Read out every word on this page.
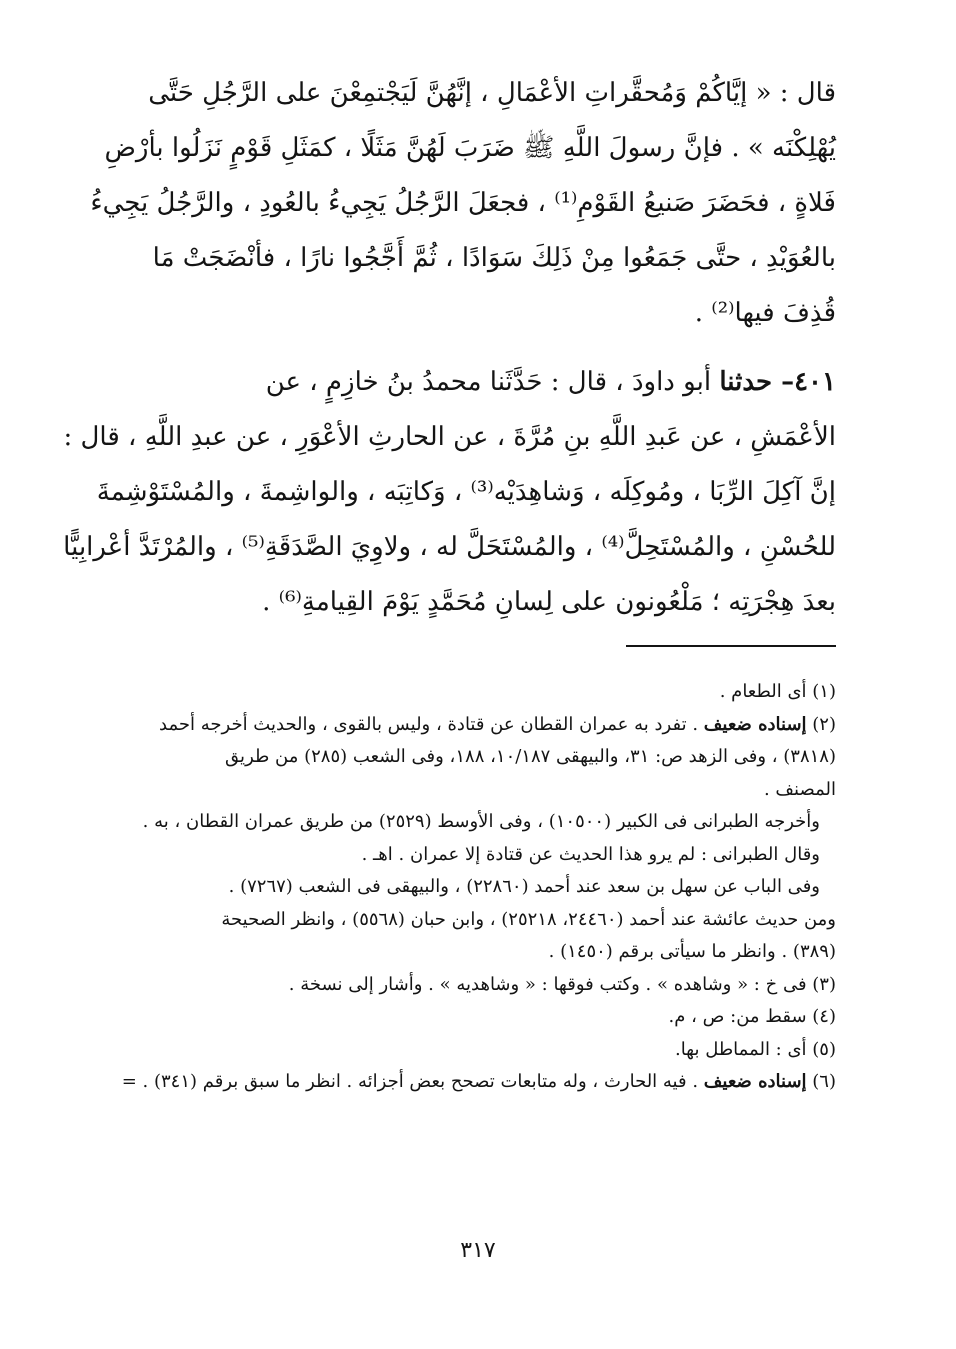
قال : « إيَّاكُمْ وَمُحقَّراتِ الأعْمَالِ ، إنَّهُنَّ لَيَجْتمِعْنَ على الرَّجُلِ حَتَّى
يُهْلِكْنَه » . فإنَّ رسولَ اللَّهِ ﷺ ضَرَبَ لَهُنَّ مَثَلًا ، كمَثَلِ قَوْمٍ نَزَلُوا بأرْضِ
فَلاةٍ ، فحَضَرَ صَنيعُ القَوْمِ⁽¹⁾ ، فجعَلَ الرَّجُلُ يَجِيءُ بالعُودِ ، والرَّجُلُ يَجِيءُ
بالعُوَيْدِ ، حتَّى جَمَعُوا مِنْ ذَلِكَ سَوَادًا ، ثُمَّ أَجَّجُوا نارًا ، فأنْضَجَتْ مَا
قُذِفَ فيها⁽²⁾ .
٤٠١– حدثنا أبو داودَ ، قال : حَدَّثَنا محمدُ بنُ خازِمٍ ، عن
الأعْمَشِ ، عن عَبدِ اللَّهِ بنِ مُرَّةَ ، عن الحارثِ الأعْوَرِ ، عن عبدِ اللَّهِ ، قال :
إنَّ آكِلَ الرِّبَا ، ومُوكِلَه ، وَشاهِدَيْه⁽³⁾ ، وَكاتِبَه ، والواشِمةَ ، والمُسْتَوْشِمةَ
للحُسْنِ ، والمُسْتَحِلَّ⁽⁴⁾ ، والمُسْتَحَلَّ له ، ولاوِيَ الصَّدَقَةِ⁽⁵⁾ ، والمُرْتَدَّ أعْرابِيًّا
بعدَ هِجْرَتِه ؛ مَلْعُونون على لِسانِ مُحَمَّدٍ يَوْمَ القِيامةِ⁽⁶⁾ .
(١) أى الطعام .
(٢) إسناده ضعيف . تفرد به عمران القطان عن قتادة ، وليس بالقوى ، والحديث أخرجه أحمد
(٣٨١٨) ، وفى الزهد ص: ٣١، والبيهقى ١٠/١٨٧، ١٨٨، وفى الشعب (٢٨٥) من طريق
المصنف .
وأخرجه الطبرانى فى الكبير (١٠٥٠٠) ، وفى الأوسط (٢٥٢٩) من طريق عمران القطان ، به .
وقال الطبرانى : لم يرو هذا الحديث عن قتادة إلا عمران . اهـ .
وفى الباب عن سهل بن سعد عند أحمد (٢٢٨٦٠) ، والبيهقى فى الشعب (٧٢٦٧) .
ومن حديث عائشة عند أحمد (٢٤٤٦٠، ٢٥٢١٨) ، وابن حبان (٥٥٦٨) ، وانظر الصحيحة
(٣٨٩) . وانظر ما سيأتى برقم (١٤٥٠) .
(٣) فى خ : « وشاهده » . وكتب فوقها : « وشاهديه » . وأشار إلى نسخة .
(٤) سقط من: ص ، م.
(٥) أى : المماطل بها.
(٦) إسناده ضعيف . فيه الحارث ، وله متابعات تصحح بعض أجزائه . انظر ما سبق برقم (٣٤١) . =
٣١٧
